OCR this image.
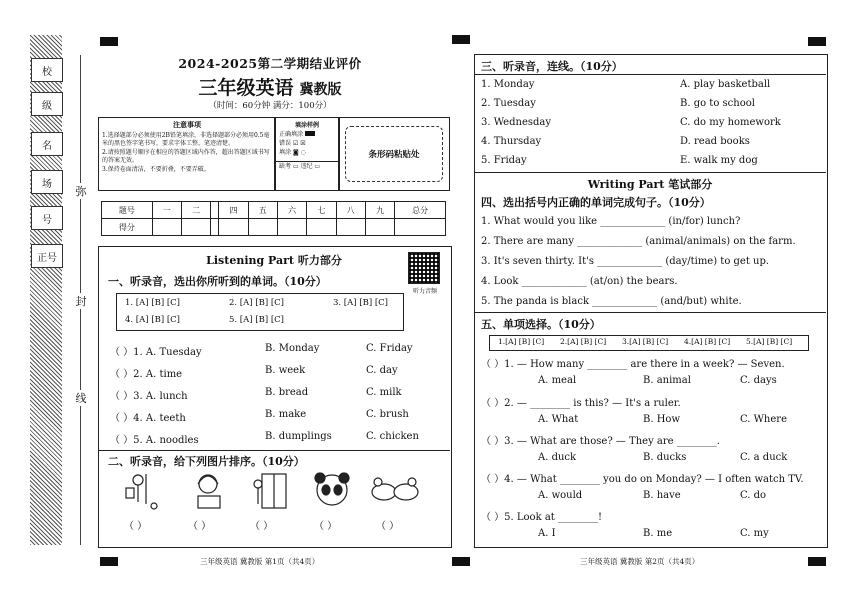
校
级
名
场
号
正号
弥
封
线
2024-2025第二学期结业评价
三年级英语 冀教版
（时间：60分钟 满分：100分）
注意事项
1.选择题部分必须使用2B铅笔填涂，非选择题部分必须用0.5毫米的黑色签字笔书写，要求字体工整、笔迹清楚。
2.请按照题号顺序在相应的答题区域内作答，超出答题区域书写的答案无效。
3.保持卷面清洁，不要折叠，不要弄破。
填涂样例
正确填涂
错误 ☑ ☒
填涂 ◙ ◌
缺考 ▭ 违纪 ▭
条形码粘贴处
题号	一	二		四	五	六	七	八	九	总分
得分										
Listening Part 听力部分
听力音频
一、听录音，选出你所听到的单词。（10分）
1. [A] [B] [C]	2. [A] [B] [C]	3. [A] [B] [C]
4. [A] [B] [C]	5. [A] [B] [C]
（ ）1. A. Tuesday	B. Monday	C. Friday
（ ）2. A. time	B. week	C. day
（ ）3. A. lunch	B. bread	C. milk
（ ）4. A. teeth	B. make	C. brush
（ ）5. A. noodles	B. dumplings	C. chicken
二、听录音，给下列图片排序。（10分）
（ ）	（ ）	（ ）	（ ）	（ ）
三年级英语 冀教版 第1页（共4页）
三、听录音，连线。（10分）
1. Monday
2. Tuesday
3. Wednesday
4. Thursday
5. Friday
A. play basketball
B. go to school
C. do my homework
D. read books
E. walk my dog
Writing Part 笔试部分
四、选出括号内正确的单词完成句子。（10分）
1. What would you like _____________ (in/for) lunch?
2. There are many _____________ (animal/animals) on the farm.
3. It's seven thirty. It's _____________ (day/time) to get up.
4. Look _____________ (at/on) the bears.
5. The panda is black _____________ (and/but) white.
五、单项选择。（10分）
1.[A] [B] [C] 2.[A] [B] [C] 3.[A] [B] [C] 4.[A] [B] [C] 5.[A] [B] [C]
（ ）1. — How many ________ are there in a week? — Seven.
A. meal	B. animal	C. days
（ ）2. — ________ is this? — It's a ruler.
A. What	B. How	C. Where
（ ）3. — What are those? — They are ________.
A. duck	B. ducks	C. a duck
（ ）4. — What ________ you do on Monday? — I often watch TV.
A. would	B. have	C. do
（ ）5. Look at ________!
A. I	B. me	C. my
三年级英语 冀教版 第2页（共4页）
